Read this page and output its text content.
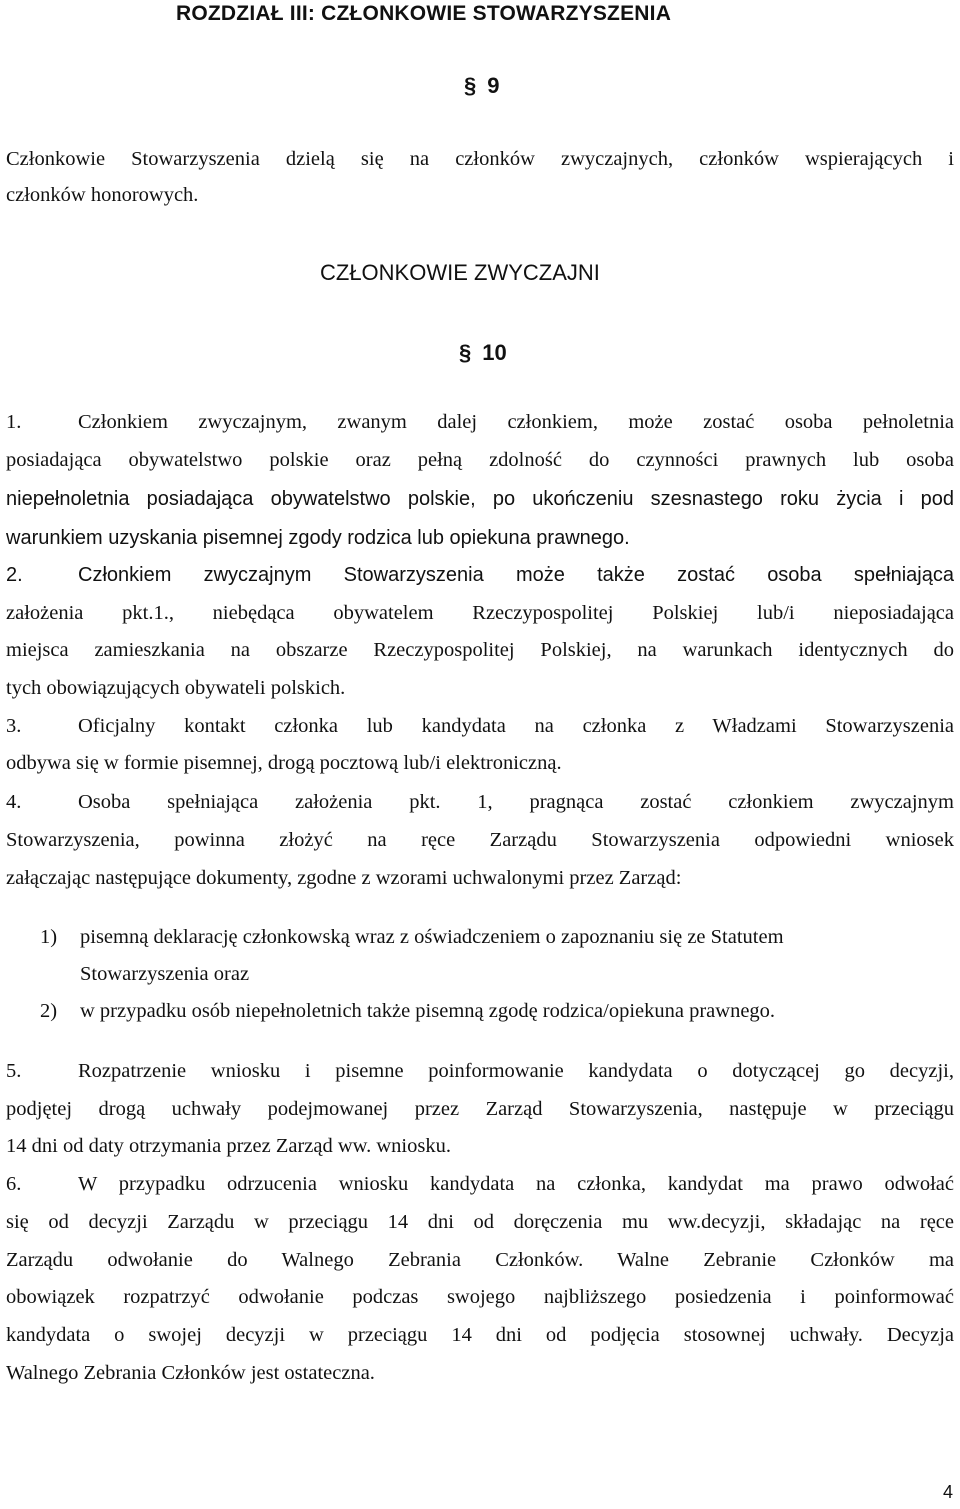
ROZDZIAŁ III: CZŁONKOWIE STOWARZYSZENIA
§ 9
Członkowie Stowarzyszenia dzielą się na członków zwyczajnych, członków wspierających i
członków honorowych.
CZŁONKOWIE ZWYCZAJNI
§ 10
1.	Członkiem zwyczajnym, zwanym dalej członkiem, może zostać osoba pełnoletnia
posiadająca obywatelstwo polskie oraz pełną zdolność do czynności prawnych lub osoba
niepełnoletnia posiadająca obywatelstwo polskie, po ukończeniu szesnastego roku życia i pod
warunkiem uzyskania pisemnej zgody rodzica lub opiekuna prawnego.
2.	Członkiem zwyczajnym Stowarzyszenia może także zostać osoba spełniająca
założenia pkt.1., niebędąca obywatelem Rzeczypospolitej Polskiej lub/i nieposiadająca
miejsca zamieszkania na obszarze Rzeczypospolitej Polskiej, na warunkach identycznych do
tych obowiązujących obywateli polskich.
3.	Oficjalny kontakt członka lub kandydata na członka z Władzami Stowarzyszenia
odbywa się w formie pisemnej, drogą pocztową lub/i elektroniczną.
4.	Osoba spełniająca założenia pkt. 1, pragnąca zostać członkiem zwyczajnym
Stowarzyszenia, powinna złożyć na ręce Zarządu Stowarzyszenia odpowiedni wniosek
załączając następujące dokumenty, zgodne z wzorami uchwalonymi przez Zarząd:
1) pisemną deklarację członkowską wraz z oświadczeniem o zapoznaniu się ze Statutem
Stowarzyszenia oraz
2) w przypadku osób niepełnoletnich także pisemną zgodę rodzica/opiekuna prawnego.
5.	Rozpatrzenie wniosku i pisemne poinformowanie kandydata o dotyczącej go decyzji,
podjętej drogą uchwały podejmowanej przez Zarząd Stowarzyszenia, następuje w przeciągu
14 dni od daty otrzymania przez Zarząd ww. wniosku.
6.	W przypadku odrzucenia wniosku kandydata na członka, kandydat ma prawo odwołać
się od decyzji Zarządu w przeciągu 14 dni od doręczenia mu ww.decyzji, składając na ręce
Zarządu odwołanie do Walnego Zebrania Członków. Walne Zebranie Członków ma
obowiązek rozpatrzyć odwołanie podczas swojego najbliższego posiedzenia i poinformować
kandydata o swojej decyzji w przeciągu 14 dni od podjęcia stosownej uchwały. Decyzja
Walnego Zebrania Członków jest ostateczna.
4
